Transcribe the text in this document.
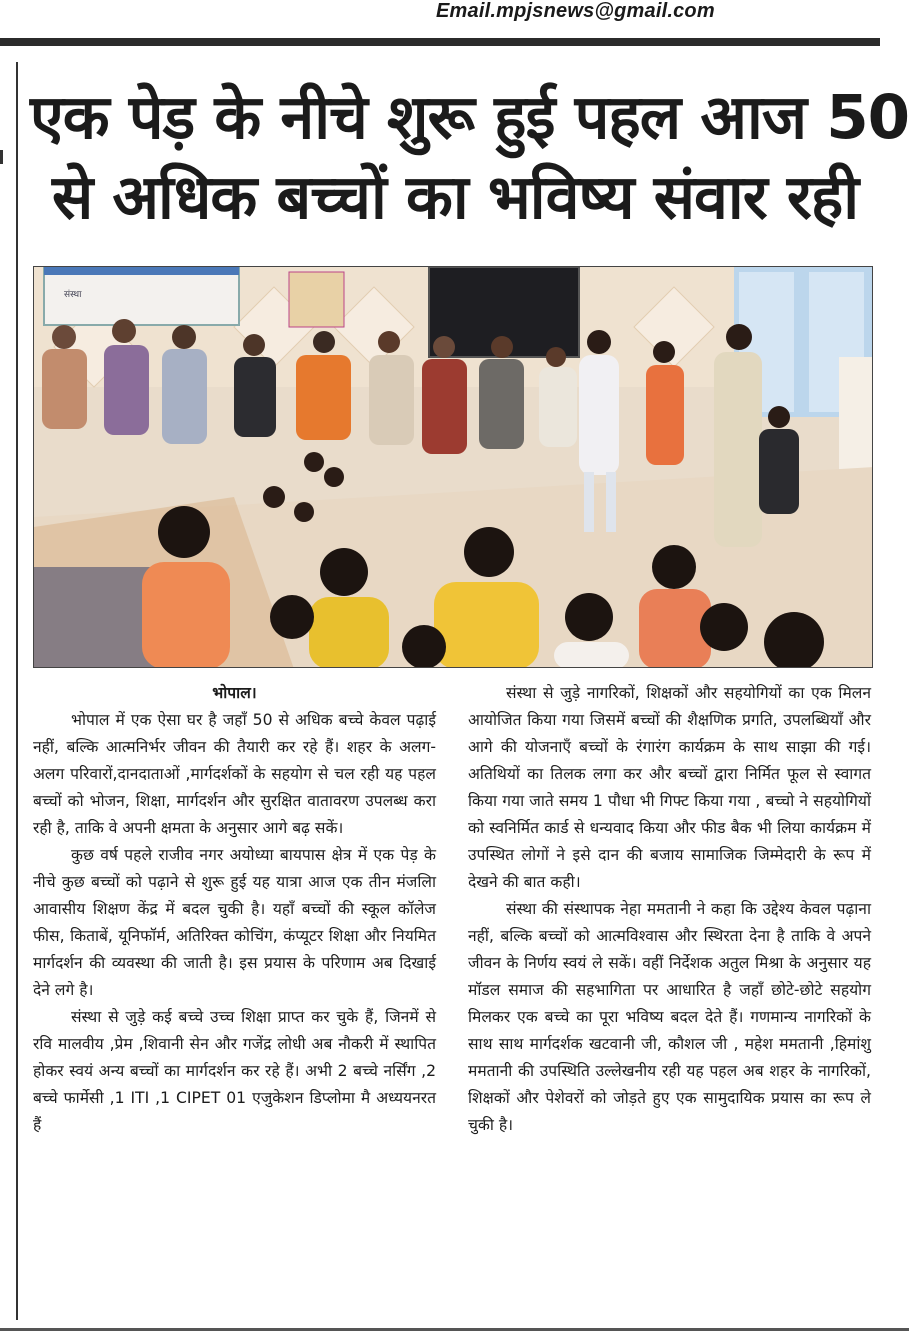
Email.mpjsnews@gmail.com
एक पेड़ के नीचे शुरू हुई पहल आज 50
से अधिक बच्चों का भविष्य संवार रही
संस्था

भोपाल।

भोपाल में एक ऐसा घर है जहाँ 50 से अधिक बच्चे केवल पढ़ाई नहीं, बल्कि आत्मनिर्भर जीवन की तैयारी कर रहे हैं। शहर के अलग-अलग परिवारों,दानदाताओं ,मार्गदर्शकों के सहयोग से चल रही यह पहल बच्चों को भोजन, शिक्षा, मार्गदर्शन और सुरक्षित वातावरण उपलब्ध करा रही है, ताकि वे अपनी क्षमता के अनुसार आगे बढ़ सकें।

कुछ वर्ष पहले राजीव नगर अयोध्या बायपास क्षेत्र में एक पेड़ के नीचे कुछ बच्चों को पढ़ाने से शुरू हुई यह यात्रा आज एक तीन मंजलिा आवासीय शिक्षण केंद्र में बदल चुकी है। यहाँ बच्चों की स्कूल कॉलेज फीस, किताबें, यूनिफॉर्म, अतिरिक्त कोचिंग, कंप्यूटर शिक्षा और नियमित मार्गदर्शन की व्यवस्था की जाती है। इस प्रयास के परिणाम अब दिखाई देने लगे है।

संस्था से जुड़े कई बच्चे उच्च शिक्षा प्राप्त कर चुके हैं, जिनमें से रवि मालवीय ,प्रेम ,शिवानी सेन और गजेंद्र लोधी अब नौकरी में स्थापित होकर स्वयं अन्य बच्चों का मार्गदर्शन कर रहे हैं। अभी 2 बच्चे नर्सिंग ,2 बच्चे फार्मेसी ,1 ITI ,1 CIPET 01 एजुकेशन डिप्लोमा मै अध्ययनरत हैं

संस्था से जुड़े नागरिकों, शिक्षकों और सहयोगियों का एक मिलन आयोजित किया गया जिसमें बच्चों की शैक्षणिक प्रगति, उपलब्धियाँ और आगे की योजनाएँ बच्चों के रंगारंग कार्यक्रम के साथ साझा की गई। अतिथियों का तिलक लगा कर और बच्चों द्वारा निर्मित फूल से स्वागत किया गया जाते समय 1 पौधा भी गिफ्ट किया गया , बच्चो ने सहयोगियों को स्वनिर्मित कार्ड से धन्यवाद किया और फीड बैक भी लिया कार्यक्रम में उपस्थित लोगों ने इसे दान की बजाय सामाजिक जिम्मेदारी के रूप में देखने की बात कही।

संस्था की संस्थापक नेहा ममतानी ने कहा कि उद्देश्य केवल पढ़ाना नहीं, बल्कि बच्चों को आत्मविश्वास और स्थिरता देना है ताकि वे अपने जीवन के निर्णय स्वयं ले सकें। वहीं निर्देशक अतुल मिश्रा के अनुसार यह मॉडल समाज की सहभागिता पर आधारित है जहाँ छोटे-छोटे सहयोग मिलकर एक बच्चे का पूरा भविष्य बदल देते हैं। गणमान्य नागरिकों के साथ साथ मार्गदर्शक खटवानी जी, कौशल जी , महेश ममतानी ,हिमांशु ममतानी की उपस्थिति उल्लेखनीय रही यह पहल अब शहर के नागरिकों, शिक्षकों और पेशेवरों को जोड़ते हुए एक सामुदायिक प्रयास का रूप ले चुकी है।
